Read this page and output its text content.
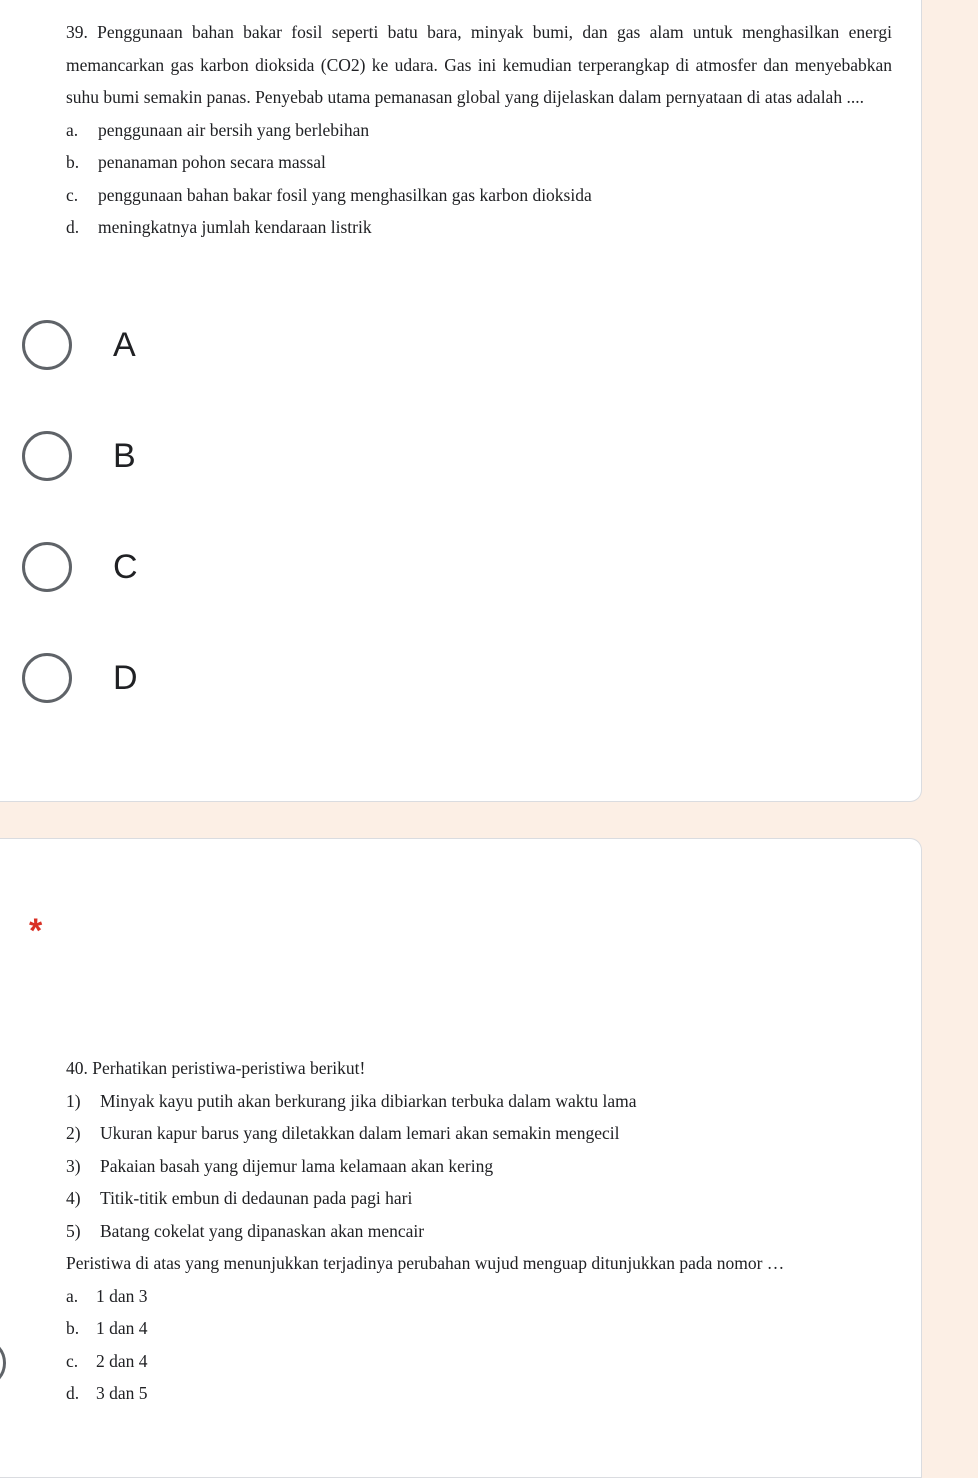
39. Penggunaan bahan bakar fosil seperti batu bara, minyak bumi, dan gas alam untuk menghasilkan energi memancarkan gas karbon dioksida (CO2) ke udara. Gas ini kemudian terperangkap di atmosfer dan menyebabkan suhu bumi semakin panas. Penyebab utama pemanasan global yang dijelaskan dalam pernyataan di atas adalah ....
a. penggunaan air bersih yang berlebihan
b. penanaman pohon secara massal
c. penggunaan bahan bakar fosil yang menghasilkan gas karbon dioksida
d. meningkatnya jumlah kendaraan listrik
A
B
C
D
*
40. Perhatikan peristiwa-peristiwa berikut!
1) Minyak kayu putih akan berkurang jika dibiarkan terbuka dalam waktu lama
2) Ukuran kapur barus yang diletakkan dalam lemari akan semakin mengecil
3) Pakaian basah yang dijemur lama kelamaan akan kering
4) Titik-titik embun di dedaunan pada pagi hari
5) Batang cokelat yang dipanaskan akan mencair
Peristiwa di atas yang menunjukkan terjadinya perubahan wujud menguap ditunjukkan pada nomor …
a. 1 dan 3
b. 1 dan 4
c. 2 dan 4
d. 3 dan 5
